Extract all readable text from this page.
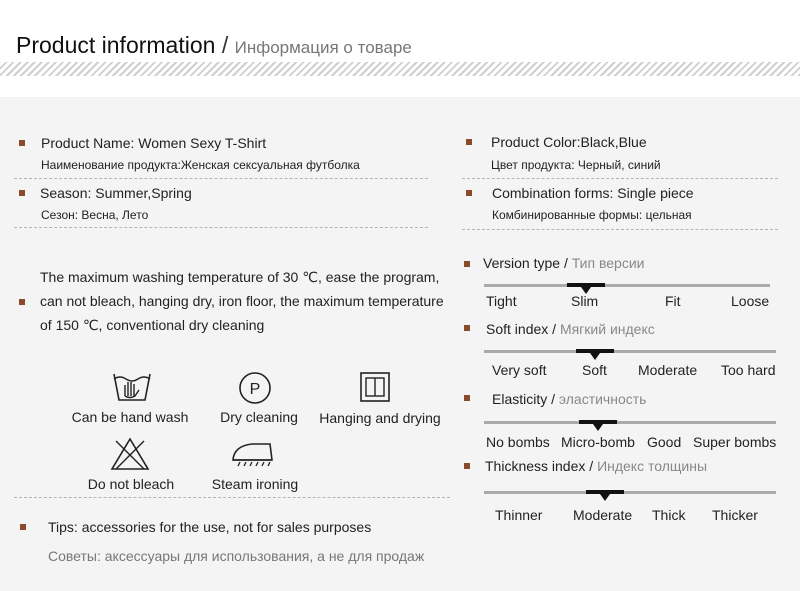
Product information / Информация о товаре
Product Name: Women Sexy T-Shirt
Наименование продукта:Женская сексуальная футболка
Season: Summer,Spring
Сезон: Весна, Лето
The maximum washing temperature of 30 ℃, ease the program, can not bleach, hanging dry, iron floor, the maximum temperature of 150 ℃, conventional dry cleaning
P
Can be hand wash	Dry cleaning	Hanging and drying
Do not bleach	Steam ironing
Tips: accessories for the use, not for sales purposes
Советы: аксессуары для использования, а не для продаж
Product Color:Black,Blue
Цвет продукта: Черный, синий
Combination forms: Single piece
Комбинированные формы: цельная
Version type / Тип версии
Tight	Slim	Fit	Loose
Soft index / Мягкий индекс
Very soft	Soft Moderate Too hard
Elasticity / эластичность
No bombs Micro-bomb Good Super bombs
Thickness index / Индекс толщины
Thinner Moderate Thick Thicker
